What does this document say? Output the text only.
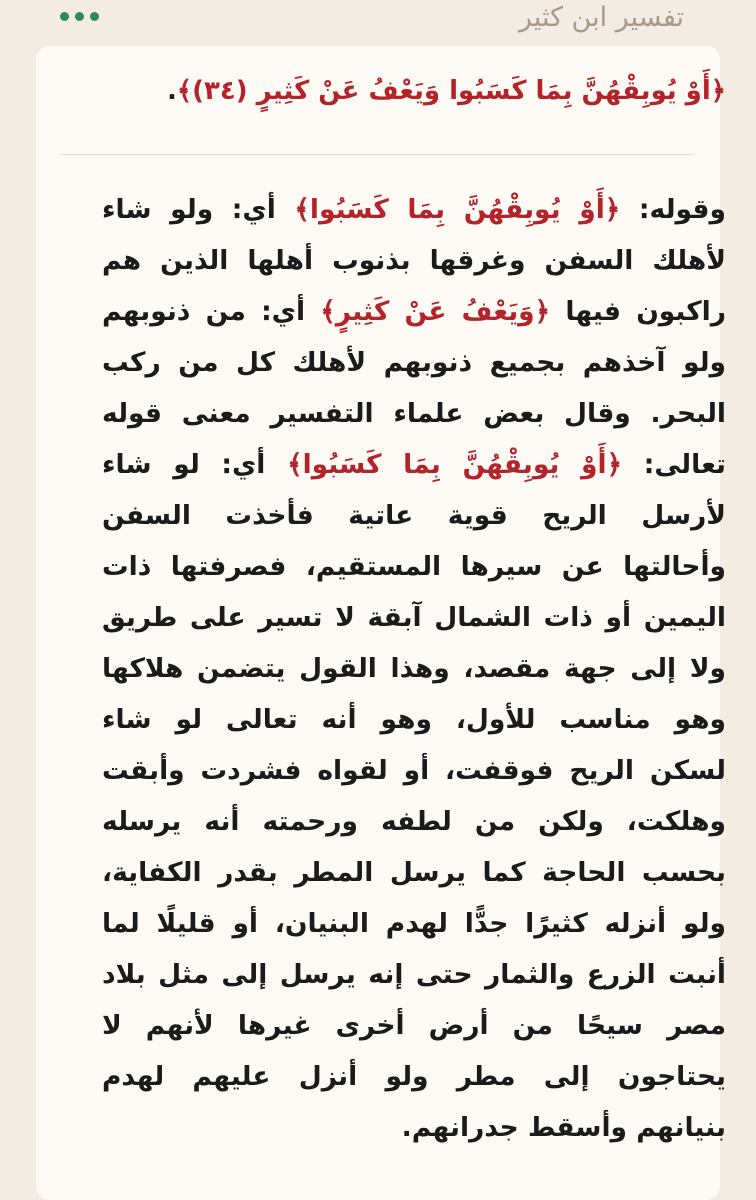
تفسير ابن كثير
﴿أَوْ يُوبِقْهُنَّ بِمَا كَسَبُوا وَيَعْفُ عَنْ كَثِيرٍ (٣٤)﴾.
وقوله: ﴿أَوْ يُوبِقْهُنَّ بِمَا كَسَبُوا﴾ أي: ولو شاء
لأهلك السفن وغرقها بذنوب أهلها الذين هم
راكبون فيها ﴿وَيَعْفُ عَنْ كَثِيرٍ﴾ أي: من ذنوبهم
ولو آخذهم بجميع ذنوبهم لأهلك كل من ركب
البحر. وقال بعض علماء التفسير معنى قوله
تعالى: ﴿أَوْ يُوبِقْهُنَّ بِمَا كَسَبُوا﴾ أي: لو شاء
لأرسل الريح قوية عاتية فأخذت السفن
وأحالتها عن سيرها المستقيم، فصرفتها ذات
اليمين أو ذات الشمال آبقة لا تسير على طريق
ولا إلى جهة مقصد، وهذا القول يتضمن هلاكها
وهو مناسب للأول، وهو أنه تعالى لو شاء
لسكن الريح فوقفت، أو لقواه فشردت وأبقت
وهلكت، ولكن من لطفه ورحمته أنه يرسله
بحسب الحاجة كما يرسل المطر بقدر الكفاية،
ولو أنزله كثيرًا جدًّا لهدم البنيان، أو قليلًا لما
أنبت الزرع والثمار حتى إنه يرسل إلى مثل بلاد
مصر سيحًا من أرض أخرى غيرها لأنهم لا
يحتاجون إلى مطر ولو أنزل عليهم لهدم
بنيانهم وأسقط جدرانهم.
